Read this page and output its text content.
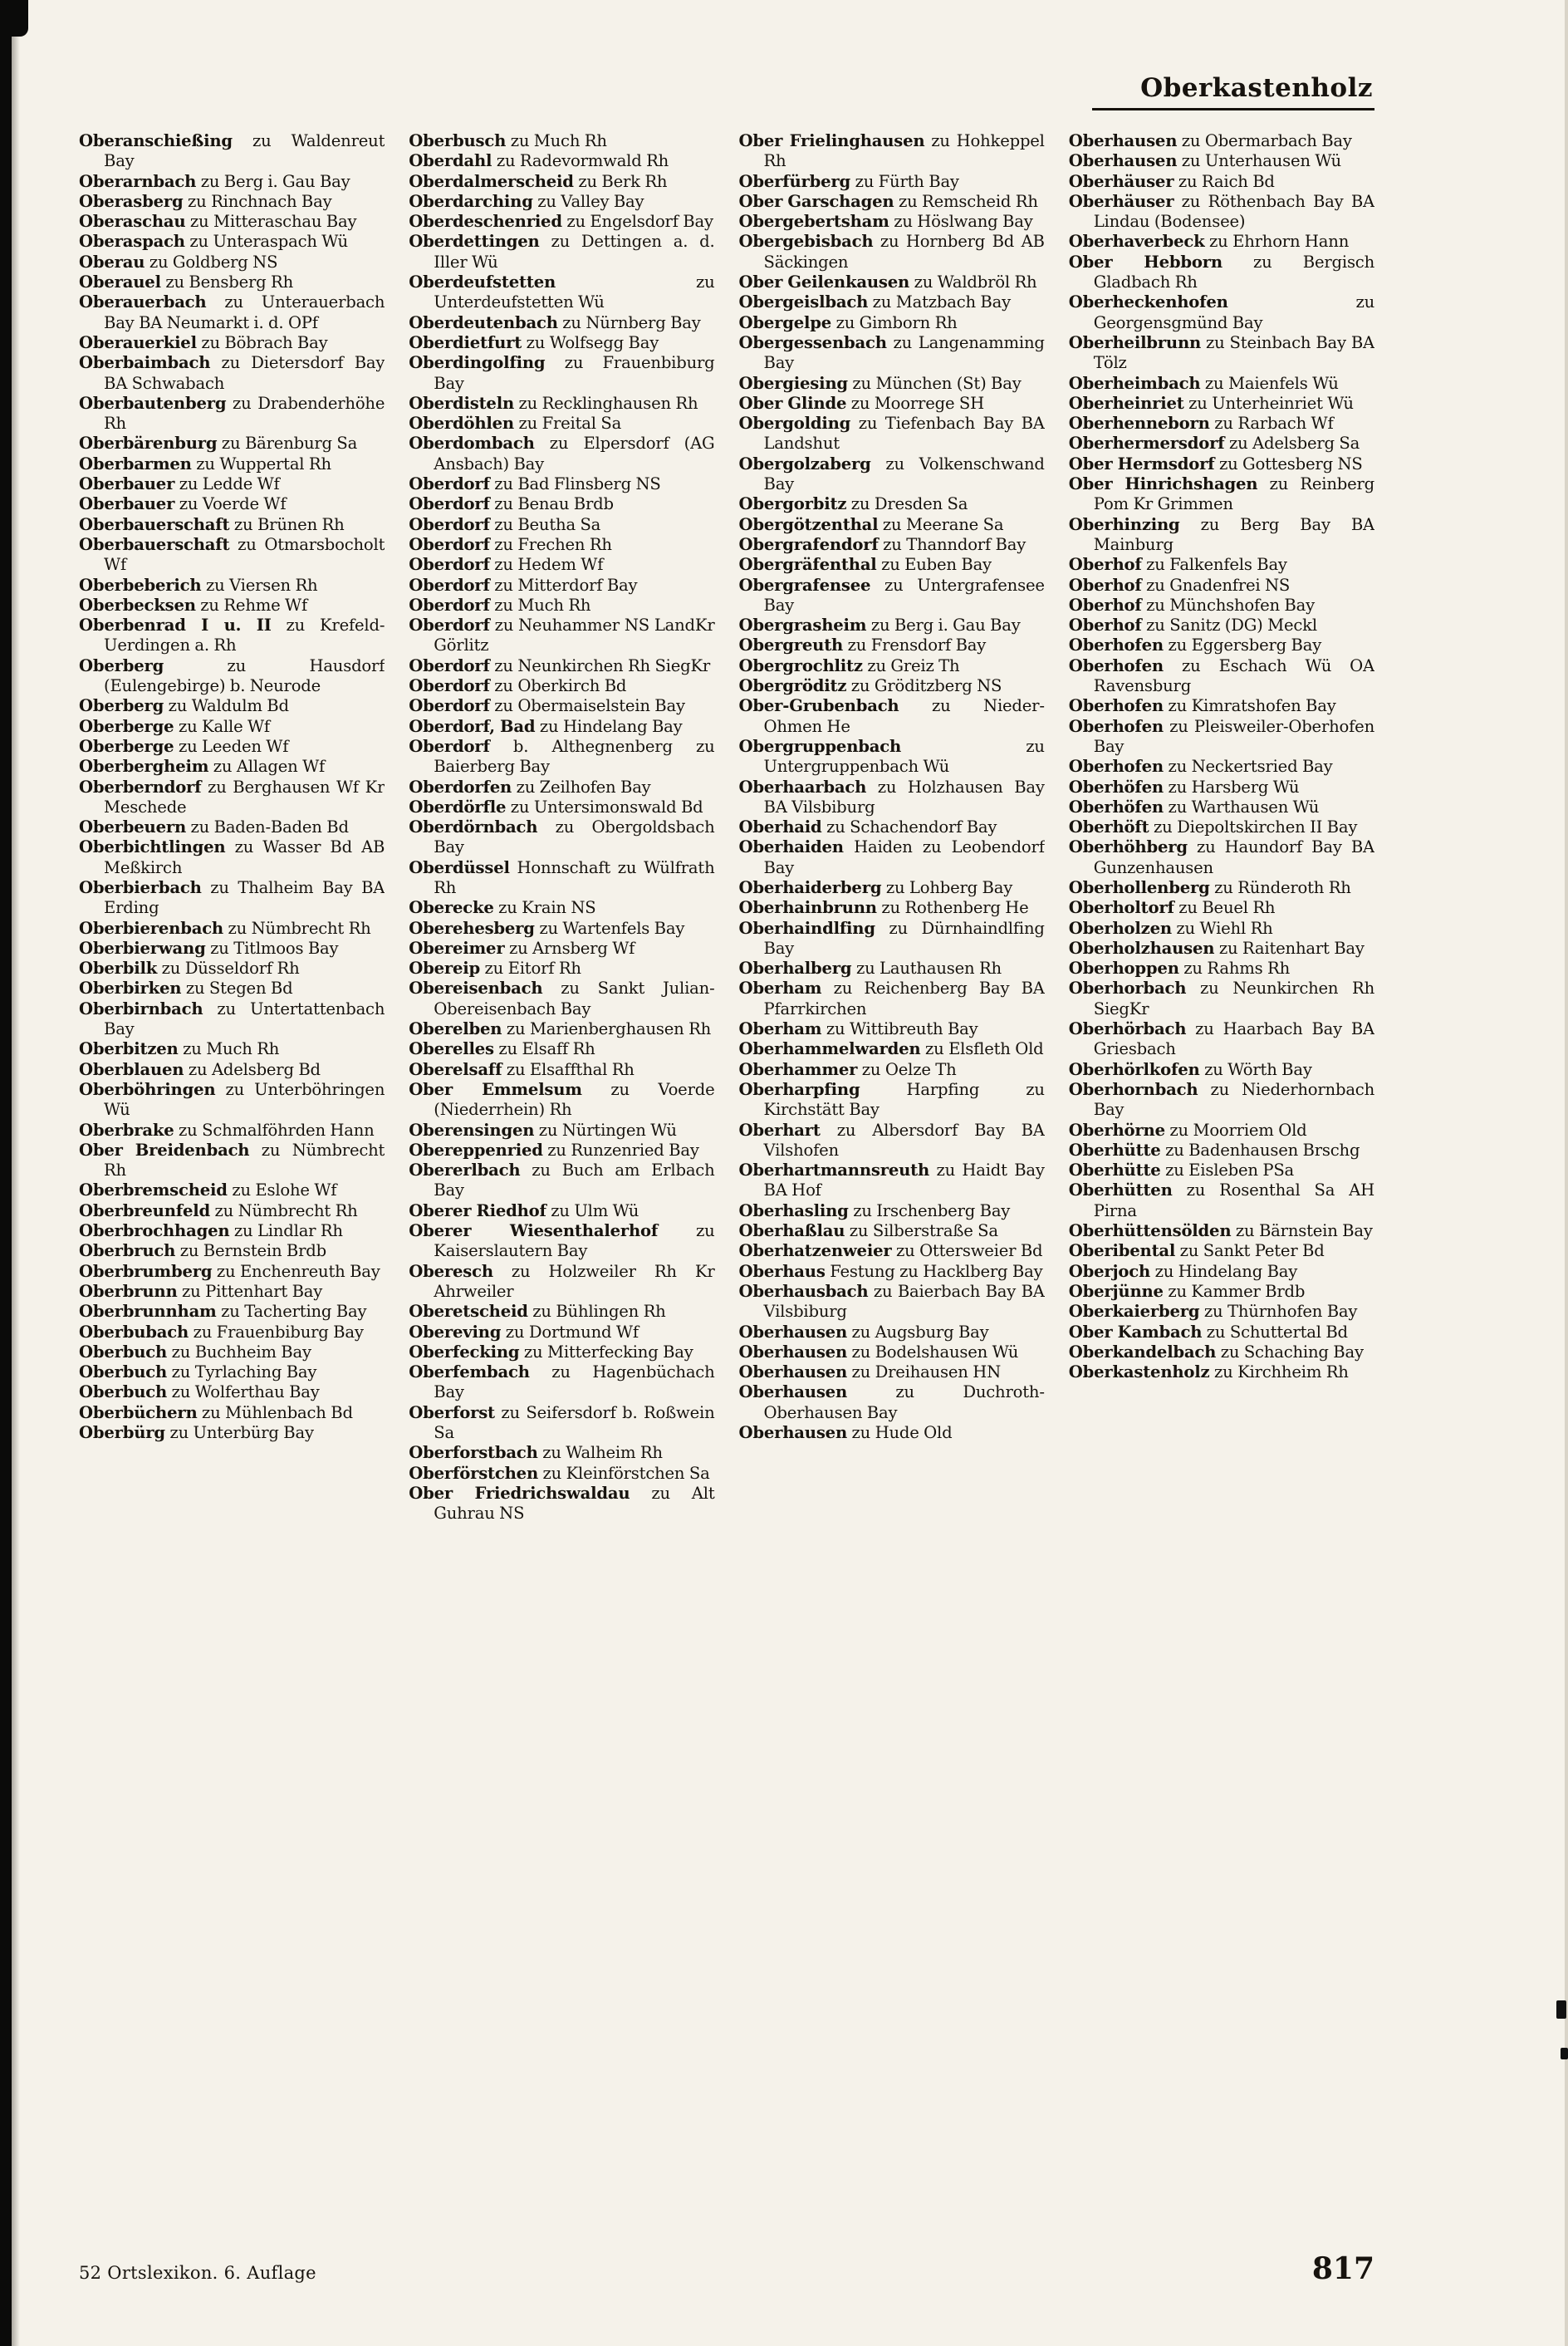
Oberkastenholz
Oberanschießing zu Waldenreut Bay
Oberarnbach zu Berg i. Gau Bay
Oberasberg zu Rinchnach Bay
Oberaschau zu Mitteraschau Bay
Oberaspach zu Unteraspach Wü
Oberau zu Goldberg NS
Oberauel zu Bensberg Rh
Oberauerbach zu Unterauerbach Bay BA Neumarkt i. d. OPf
Oberauerkiel zu Böbrach Bay
Oberbaimbach zu Dietersdorf Bay BA Schwabach
Oberbautenberg zu Drabenderhöhe Rh
Oberbärenburg zu Bärenburg Sa
Oberbarmen zu Wuppertal Rh
Oberbauer zu Ledde Wf
Oberbauer zu Voerde Wf
Oberbauerschaft zu Brünen Rh
Oberbauerschaft zu Otmarsbocholt Wf
Oberbeberich zu Viersen Rh
Oberbecksen zu Rehme Wf
Oberbenrad I u. II zu Krefeld-Uerdingen a. Rh
Oberberg zu Hausdorf (Eulengebirge) b. Neurode
Oberberg zu Waldulm Bd
Oberberge zu Kalle Wf
Oberberge zu Leeden Wf
Oberbergheim zu Allagen Wf
Oberberndorf zu Berghausen Wf Kr Meschede
Oberbeuern zu Baden-Baden Bd
Oberbichtlingen zu Wasser Bd AB Meßkirch
Oberbierbach zu Thalheim Bay BA Erding
Oberbierenbach zu Nümbrecht Rh
Oberbierwang zu Titlmoos Bay
Oberbilk zu Düsseldorf Rh
Oberbirken zu Stegen Bd
Oberbirnbach zu Untertattenbach Bay
Oberbitzen zu Much Rh
Oberblauen zu Adelsberg Bd
Oberböhringen zu Unterböhringen Wü
Oberbrake zu Schmalföhrden Hann
Ober Breidenbach zu Nümbrecht Rh
Oberbremscheid zu Eslohe Wf
Oberbreunfeld zu Nümbrecht Rh
Oberbrochhagen zu Lindlar Rh
Oberbruch zu Bernstein Brdb
Oberbrumberg zu Enchenreuth Bay
Oberbrunn zu Pittenhart Bay
Oberbrunnham zu Tacherting Bay
Oberbubach zu Frauenbiburg Bay
Oberbuch zu Buchheim Bay
Oberbuch zu Tyrlaching Bay
Oberbuch zu Wolferthau Bay
Oberbüchern zu Mühlenbach Bd
Oberbürg zu Unterbürg Bay
Oberbusch zu Much Rh
Oberdahl zu Radevormwald Rh
Oberdalmerscheid zu Berk Rh
Oberdarching zu Valley Bay
Oberdeschenried zu Engelsdorf Bay
Oberdettingen zu Dettingen a. d. Iller Wü
Oberdeufstetten zu Unterdeufstetten Wü
Oberdeutenbach zu Nürnberg Bay
Oberdietfurt zu Wolfsegg Bay
Oberdingolfing zu Frauenbiburg Bay
Oberdisteln zu Recklinghausen Rh
Oberdöhlen zu Freital Sa
Oberdombach zu Elpersdorf (AG Ansbach) Bay
Oberdorf zu Bad Flinsberg NS
Oberdorf zu Benau Brdb
Oberdorf zu Beutha Sa
Oberdorf zu Frechen Rh
Oberdorf zu Hedem Wf
Oberdorf zu Mitterdorf Bay
Oberdorf zu Much Rh
Oberdorf zu Neuhammer NS LandKr Görlitz
Oberdorf zu Neunkirchen Rh SiegKr
Oberdorf zu Oberkirch Bd
Oberdorf zu Obermaiselstein Bay
Oberdorf, Bad zu Hindelang Bay
Oberdorf b. Althegnenberg zu Baierberg Bay
Oberdorfen zu Zeilhofen Bay
Oberdörfle zu Untersimonswald Bd
Oberdörnbach zu Obergoldsbach Bay
Oberdüssel Honnschaft zu Wülfrath Rh
Oberecke zu Krain NS
Oberehesberg zu Wartenfels Bay
Obereimer zu Arnsberg Wf
Obereip zu Eitorf Rh
Obereisenbach zu Sankt Julian-Obereisenbach Bay
Oberelben zu Marienberghausen Rh
Oberelles zu Elsaff Rh
Oberelsaff zu Elsaffthal Rh
Ober Emmelsum zu Voerde (Niederrhein) Rh
Oberensingen zu Nürtingen Wü
Obereppenried zu Runzenried Bay
Obererlbach zu Buch am Erlbach Bay
Oberer Riedhof zu Ulm Wü
Oberer Wiesenthalerhof zu Kaiserslautern Bay
Oberesch zu Holzweiler Rh Kr Ahrweiler
Oberetscheid zu Bühlingen Rh
Obereving zu Dortmund Wf
Oberfecking zu Mitterfecking Bay
Oberfembach zu Hagenbüchach Bay
Oberforst zu Seifersdorf b. Roßwein Sa
Oberforstbach zu Walheim Rh
Oberförstchen zu Kleinförstchen Sa
Ober Friedrichswaldau zu Alt Guhrau NS
Ober Frielinghausen zu Hohkeppel Rh
Oberfürberg zu Fürth Bay
Ober Garschagen zu Remscheid Rh
Obergebertsham zu Höslwang Bay
Obergebisbach zu Hornberg Bd AB Säckingen
Ober Geilenkausen zu Waldbröl Rh
Obergeislbach zu Matzbach Bay
Obergelpe zu Gimborn Rh
Obergessenbach zu Langenamming Bay
Obergiesing zu München (St) Bay
Ober Glinde zu Moorrege SH
Obergolding zu Tiefenbach Bay BA Landshut
Obergolzaberg zu Volkenschwand Bay
Obergorbitz zu Dresden Sa
Obergötzenthal zu Meerane Sa
Obergrafendorf zu Thanndorf Bay
Obergräfenthal zu Euben Bay
Obergrafensee zu Untergrafensee Bay
Obergrasheim zu Berg i. Gau Bay
Obergreuth zu Frensdorf Bay
Obergrochlitz zu Greiz Th
Obergröditz zu Gröditzberg NS
Ober-Grubenbach zu Nieder-Ohmen He
Obergruppenbach zu Untergruppenbach Wü
Oberhaarbach zu Holzhausen Bay BA Vilsbiburg
Oberhaid zu Schachendorf Bay
Oberhaiden Haiden zu Leobendorf Bay
Oberhaiderberg zu Lohberg Bay
Oberhainbrunn zu Rothenberg He
Oberhaindlfing zu Dürnhaindlfing Bay
Oberhalberg zu Lauthausen Rh
Oberham zu Reichenberg Bay BA Pfarrkirchen
Oberham zu Wittibreuth Bay
Oberhammelwarden zu Elsfleth Old
Oberhammer zu Oelze Th
Oberharpfing Harpfing zu Kirchstätt Bay
Oberhart zu Albersdorf Bay BA Vilshofen
Oberhartmannsreuth zu Haidt Bay BA Hof
Oberhasling zu Irschenberg Bay
Oberhaßlau zu Silberstraße Sa
Oberhatzenweier zu Ottersweier Bd
Oberhaus Festung zu Hacklberg Bay
Oberhausbach zu Baierbach Bay BA Vilsbiburg
Oberhausen zu Augsburg Bay
Oberhausen zu Bodelshausen Wü
Oberhausen zu Dreihausen HN
Oberhausen zu Duchroth-Oberhausen Bay
Oberhausen zu Hude Old
Oberhausen zu Obermarbach Bay
Oberhausen zu Unterhausen Wü
Oberhäuser zu Raich Bd
Oberhäuser zu Röthenbach Bay BA Lindau (Bodensee)
Oberhaverbeck zu Ehrhorn Hann
Ober Hebborn zu Bergisch Gladbach Rh
Oberheckenhofen zu Georgensgmünd Bay
Oberheilbrunn zu Steinbach Bay BA Tölz
Oberheimbach zu Maienfels Wü
Oberheinriet zu Unterheinriet Wü
Oberhenneborn zu Rarbach Wf
Oberhermersdorf zu Adelsberg Sa
Ober Hermsdorf zu Gottesberg NS
Ober Hinrichshagen zu Reinberg Pom Kr Grimmen
Oberhinzing zu Berg Bay BA Mainburg
Oberhof zu Falkenfels Bay
Oberhof zu Gnadenfrei NS
Oberhof zu Münchshofen Bay
Oberhof zu Sanitz (DG) Meckl
Oberhofen zu Eggersberg Bay
Oberhofen zu Eschach Wü OA Ravensburg
Oberhofen zu Kimratshofen Bay
Oberhofen zu Pleisweiler-Oberhofen Bay
Oberhofen zu Neckertsried Bay
Oberhöfen zu Harsberg Wü
Oberhöfen zu Warthausen Wü
Oberhöft zu Diepoltskirchen II Bay
Oberhöhberg zu Haundorf Bay BA Gunzenhausen
Oberhollenberg zu Ründeroth Rh
Oberholtorf zu Beuel Rh
Oberholzen zu Wiehl Rh
Oberholzhausen zu Raitenhart Bay
Oberhoppen zu Rahms Rh
Oberhorbach zu Neunkirchen Rh SiegKr
Oberhörbach zu Haarbach Bay BA Griesbach
Oberhörlkofen zu Wörth Bay
Oberhornbach zu Niederhornbach Bay
Oberhörne zu Moorriem Old
Oberhütte zu Badenhausen Brschg
Oberhütte zu Eisleben PSa
Oberhütten zu Rosenthal Sa AH Pirna
Oberhüttensölden zu Bärnstein Bay
Oberibental zu Sankt Peter Bd
Oberjoch zu Hindelang Bay
Oberjünne zu Kammer Brdb
Oberkaierberg zu Thürnhofen Bay
Ober Kambach zu Schuttertal Bd
Oberkandelbach zu Schaching Bay
Oberkastenholz zu Kirchheim Rh
52 Ortslexikon. 6. Auflage	817
